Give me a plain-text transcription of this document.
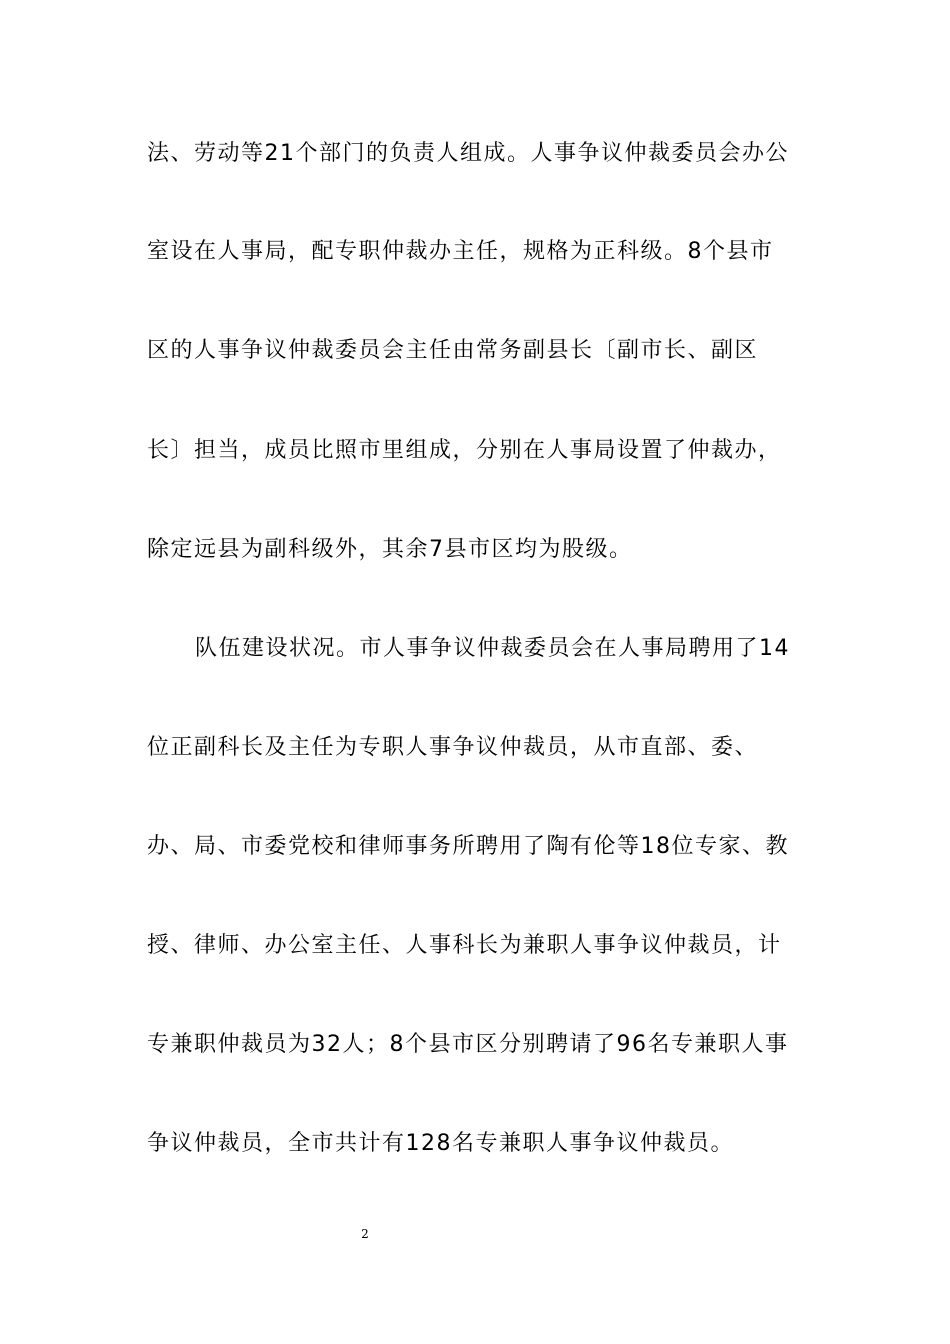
法、劳动等21个部门的负责人组成。人事争议仲裁委员会办公
室设在人事局，配专职仲裁办主任，规格为正科级。8个县市
区的人事争议仲裁委员会主任由常务副县长〔副市长、副区
长〕担当，成员比照市里组成，分别在人事局设置了仲裁办，
除定远县为副科级外，其余7县市区均为股级。
队伍建设状况。市人事争议仲裁委员会在人事局聘用了14
位正副科长及主任为专职人事争议仲裁员，从市直部、委、
办、局、市委党校和律师事务所聘用了陶有伦等18位专家、教
授、律师、办公室主任、人事科长为兼职人事争议仲裁员，计
专兼职仲裁员为32人；8个县市区分别聘请了96名专兼职人事
争议仲裁员，全市共计有128名专兼职人事争议仲裁员。
2
